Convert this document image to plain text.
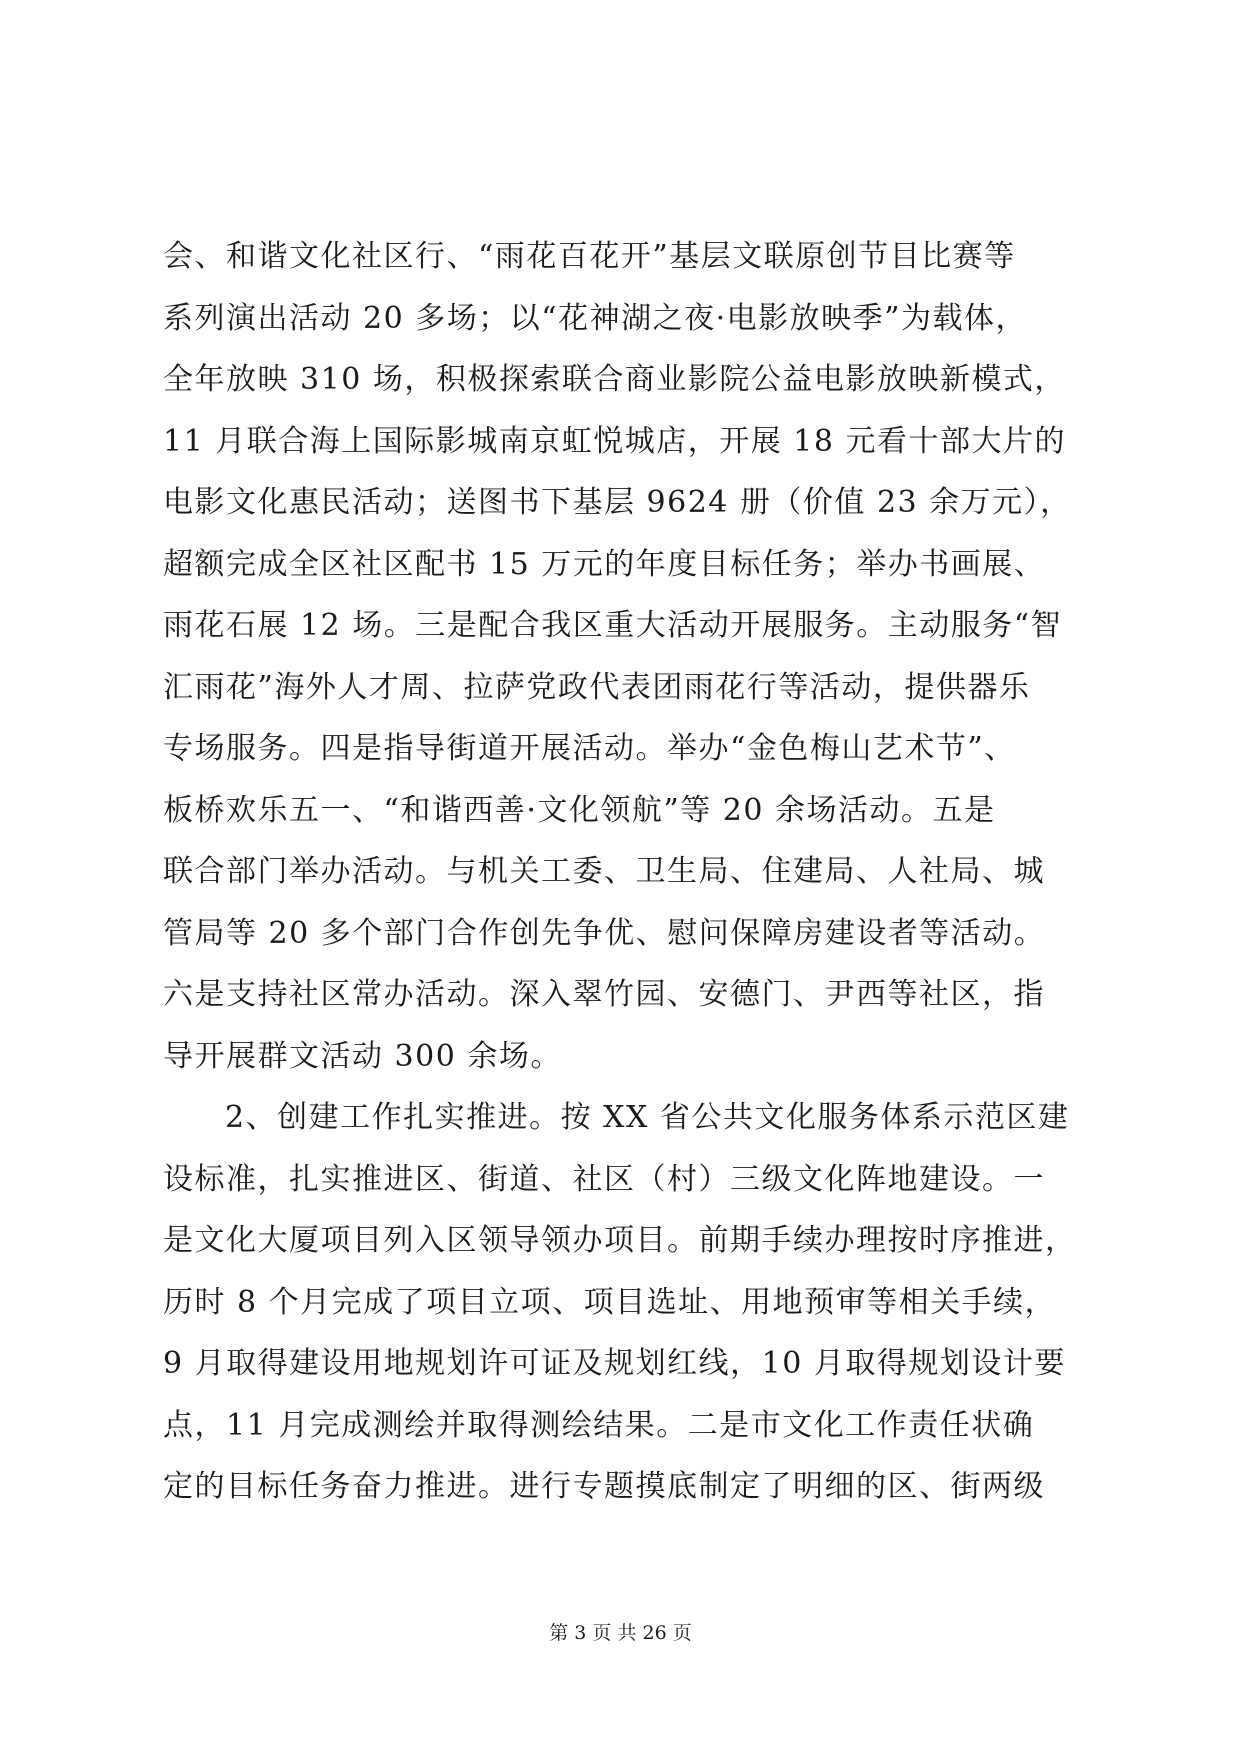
会、和谐文化社区行、“雨花百花开”基层文联原创节目比赛等
系列演出活动 20 多场；以“花神湖之夜·电影放映季”为载体，
全年放映 310 场，积极探索联合商业影院公益电影放映新模式，
11 月联合海上国际影城南京虹悦城店，开展 18 元看十部大片的
电影文化惠民活动；送图书下基层 9624 册（价值 23 余万元），
超额完成全区社区配书 15 万元的年度目标任务；举办书画展、
雨花石展 12 场。三是配合我区重大活动开展服务。主动服务“智
汇雨花”海外人才周、拉萨党政代表团雨花行等活动，提供器乐
专场服务。四是指导街道开展活动。举办“金色梅山艺术节”、
板桥欢乐五一、“和谐西善·文化领航”等 20 余场活动。五是
联合部门举办活动。与机关工委、卫生局、住建局、人社局、城
管局等 20 多个部门合作创先争优、慰问保障房建设者等活动。
六是支持社区常办活动。深入翠竹园、安德门、尹西等社区，指
导开展群文活动 300 余场。
2、创建工作扎实推进。按 XX 省公共文化服务体系示范区建
设标准，扎实推进区、街道、社区（村）三级文化阵地建设。一
是文化大厦项目列入区领导领办项目。前期手续办理按时序推进，
历时 8 个月完成了项目立项、项目选址、用地预审等相关手续，
9 月取得建设用地规划许可证及规划红线，10 月取得规划设计要
点，11 月完成测绘并取得测绘结果。二是市文化工作责任状确
定的目标任务奋力推进。进行专题摸底制定了明细的区、街两级
第 3 页 共 26 页
